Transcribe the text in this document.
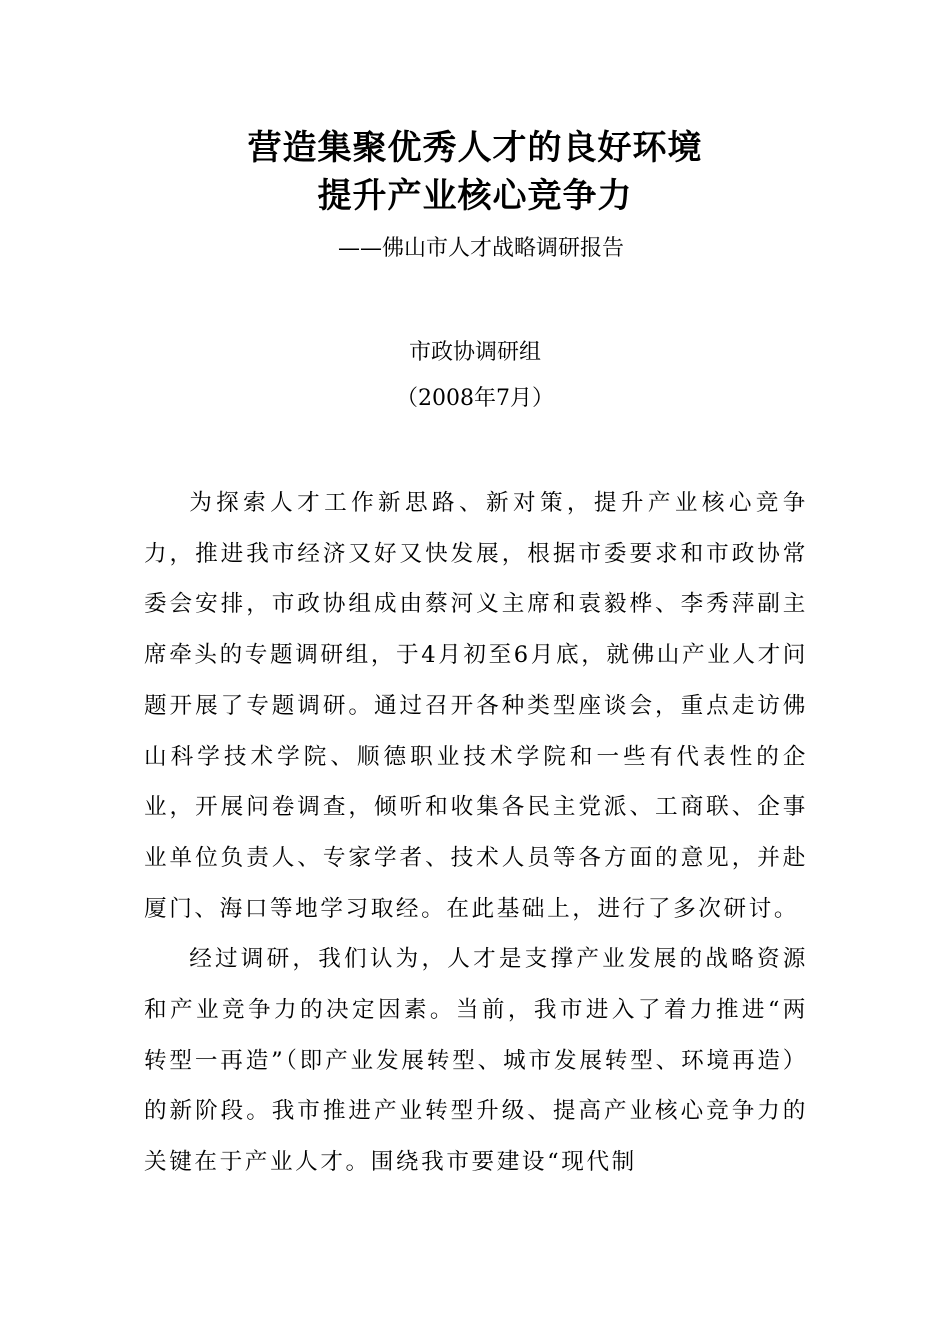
营造集聚优秀人才的良好环境
提升产业核心竞争力
——佛山市人才战略调研报告
市政协调研组
（2008年7月）

为探索人才工作新思路、新对策，提升产业核心竞争力，推进我市经济又好又快发展，根据市委要求和市政协常委会安排，市政协组成由蔡河义主席和袁毅桦、李秀萍副主席牵头的专题调研组，于4月初至6月底，就佛山产业人才问题开展了专题调研。通过召开各种类型座谈会，重点走访佛山科学技术学院、顺德职业技术学院和一些有代表性的企业，开展问卷调查，倾听和收集各民主党派、工商联、企事业单位负责人、专家学者、技术人员等各方面的意见，并赴厦门、海口等地学习取经。在此基础上，进行了多次研讨。

经过调研，我们认为，人才是支撑产业发展的战略资源和产业竞争力的决定因素。当前，我市进入了着力推进“两转型一再造”（即产业发展转型、城市发展转型、环境再造）的新阶段。我市推进产业转型升级、提高产业核心竞争力的关键在于产业人才。围绕我市要建设“现代制
